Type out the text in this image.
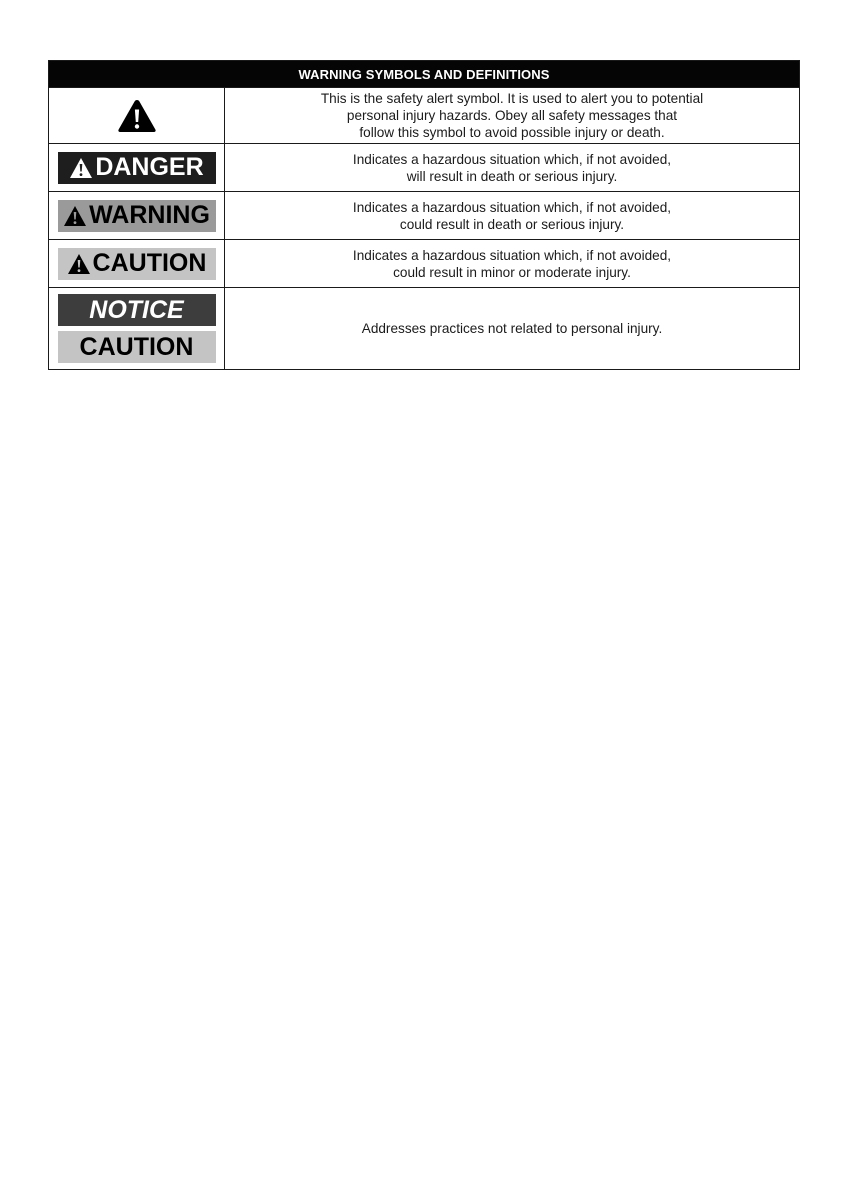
WARNING SYMBOLS AND DEFINITIONS	

This is the safety alert symbol. It is used to alert you to potential
personal injury hazards. Obey all safety messages that
follow this symbol to avoid possible injury or death.

DANGER	Indicates a hazardous situation which, if not avoided,
will result in death or serious injury.

WARNING	Indicates a hazardous situation which, if not avoided,
could result in death or serious injury.

CAUTION	Indicates a hazardous situation which, if not avoided,
could result in minor or moderate injury.

NOTICE
CAUTION	Addresses practices not related to personal injury.
